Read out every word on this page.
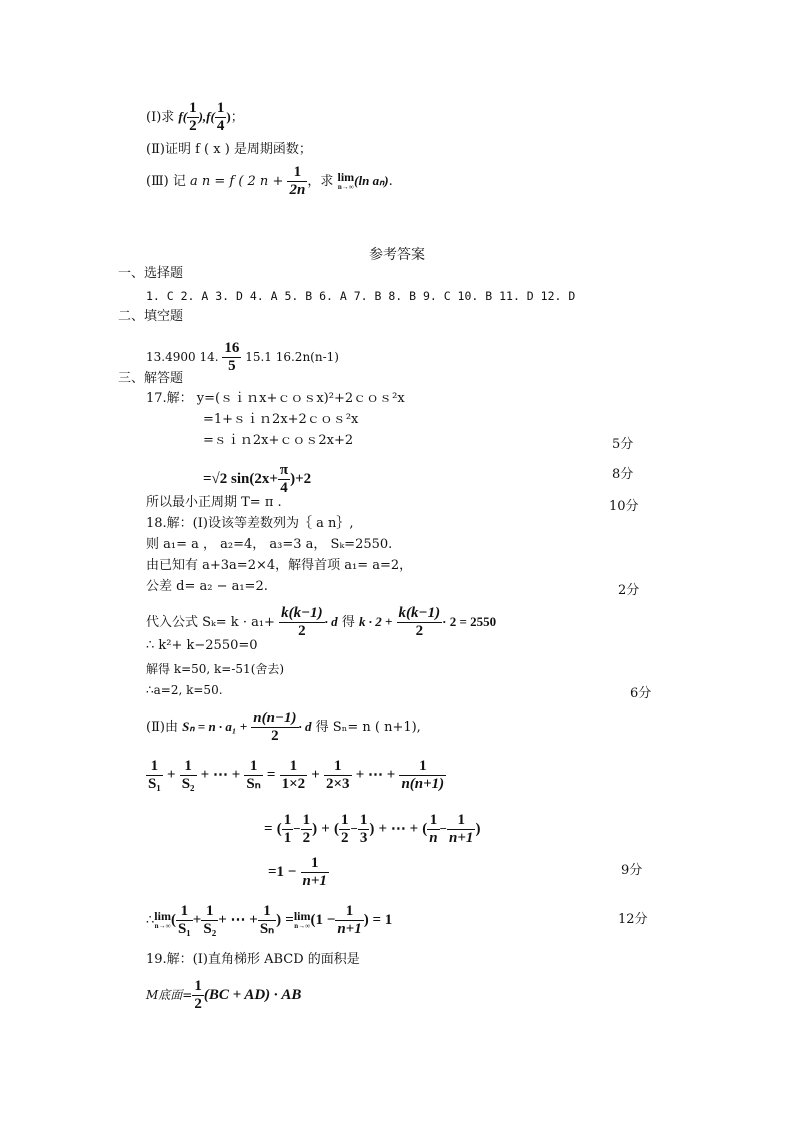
(Ⅰ)求 $f( \frac{1}{2} ),f( \frac{1}{4}$ )；
(Ⅱ)证明 f ( x ) 是周期函数；
(Ⅲ) 记 a n = f ( 2 $n + \frac{1}{2n}$ ，求 lim
n→∞ (ln aₙ).
参考答案
一、选择题
1. C 2. A 3. D 4. A 5. B 6. A 7. B 8. B 9. C 10. B 11. D 12. D
二、填空题
13.4900 14. $\frac{16}{5} 15.1$ 16.2n(n-1)
三、解答题
17.解： y=(ｓｉｎx+ｃｏｓx)²+2ｃｏｓ²x
=1+ｓｉｎ2x+2ｃｏｓ²x
=ｓｉｎ2x+ｃｏｓ2x+2	5分
=√2 $\sin(2x+ \frac{\pi}{4} )+2$	8分
所以最小正周期 T= π .	10分
18.解：(Ⅰ)设该等差数列为｛ a n｝,
则 a₁= a ， a₂=4， a₃=3 a， Sₖ=2550.
由已知有 a+3a=2×4，解得首项 a₁= a=2，
公差 d= a₂ − a₁=2.	2分
代入公式 $S_k= k \cdot a_1+ \frac{k(k-1)}{2} \cdot d$ 得 $k \cdot 2 + \frac{k(k-1)}{2} \cdot 2 = 2550$
∴ k²+ k−2550=0
解得 k=50, k=-51(舍去)
∴a=2, k=50.	6分
(Ⅱ)由 $S_n = n \cdot a_1 + \frac{n(n-1)}{2} \cdot d$ 得 Sₙ= n ( n+1),
$\frac{1}{\text{S₁}} + \frac{1}{\text{S₂}}$ + ⋯ + $\frac{1}{\text{Sₙ}} = \frac{1}{1\times 2} + \frac{1}{2\times 3}$ + ⋯ + $\frac{1}{n(n+1)}$
= ( $\frac{1}{1} - \frac{1}{2}$ ) + ( $\frac{1}{2} - \frac{1}{3}$ ) + ⋯ + ( $\frac{1}{n} - \frac{1}{n+1}$ )
$=1 - \frac{1}{n+1}$	9分
∴ lim
n→∞ ( $\frac{1}{\text{S₁}} + \frac{1}{\text{S₂}}$ + ⋯ + $\frac{1}{\text{Sₙ}}$ ) = lim
n→∞ ($1 - \frac{1}{n+1}$ ) = 1	12分
19.解：(Ⅰ)直角梯形 ABCD 的面积是
M底面= $\frac{1}{2} (BC + AD)$ · AB
